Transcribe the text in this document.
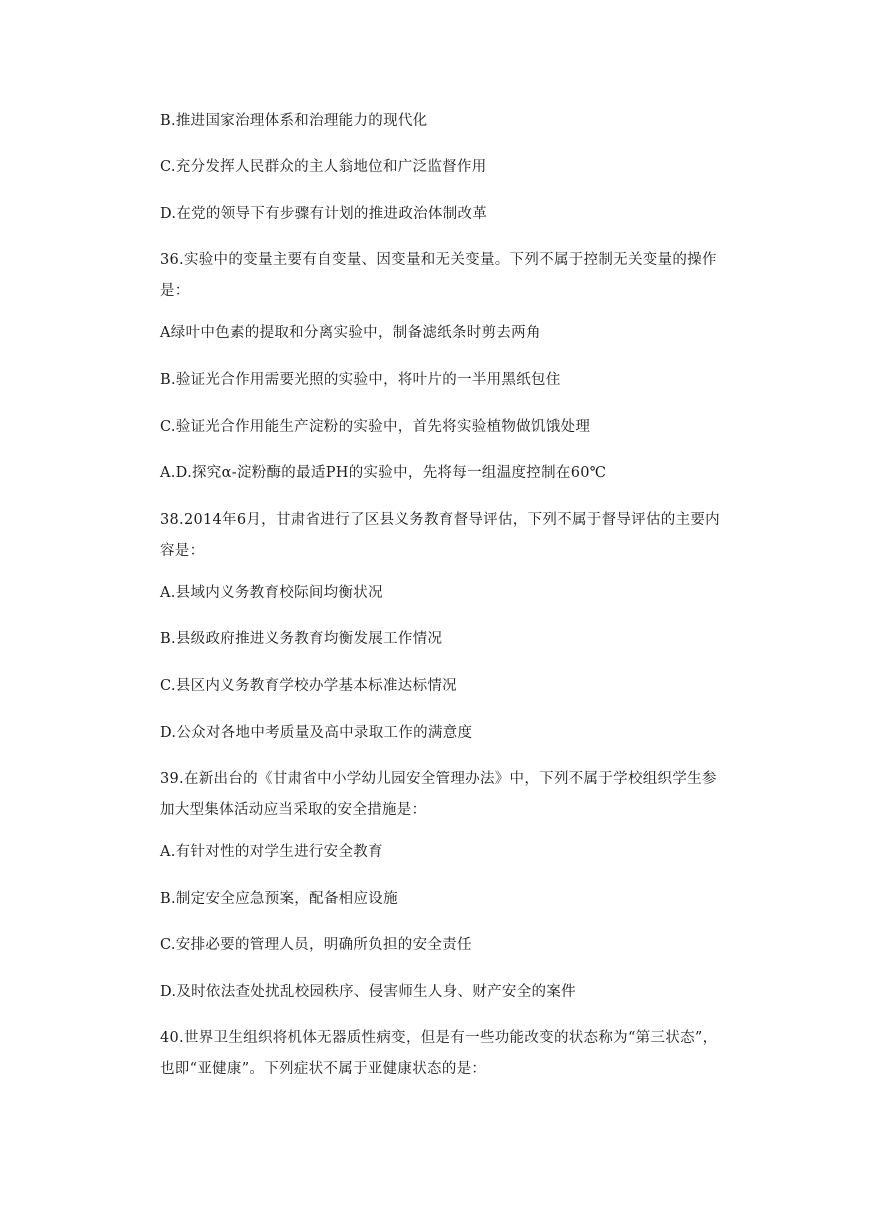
B.推进国家治理体系和治理能力的现代化
C.充分发挥人民群众的主人翁地位和广泛监督作用
D.在党的领导下有步骤有计划的推进政治体制改革
36.实验中的变量主要有自变量、因变量和无关变量。下列不属于控制无关变量的操作
是：
A绿叶中色素的提取和分离实验中，制备滤纸条时剪去两角
B.验证光合作用需要光照的实验中，将叶片的一半用黑纸包住
C.验证光合作用能生产淀粉的实验中，首先将实验植物做饥饿处理
A.D.探究α-淀粉酶的最适PH的实验中，先将每一组温度控制在60℃
38.2014年6月，甘肃省进行了区县义务教育督导评估，下列不属于督导评估的主要内
容是：
A.县域内义务教育校际间均衡状况
B.县级政府推进义务教育均衡发展工作情况
C.县区内义务教育学校办学基本标准达标情况
D.公众对各地中考质量及高中录取工作的满意度
39.在新出台的《甘肃省中小学幼儿园安全管理办法》中，下列不属于学校组织学生参
加大型集体活动应当采取的安全措施是：
A.有针对性的对学生进行安全教育
B.制定安全应急预案，配备相应设施
C.安排必要的管理人员，明确所负担的安全责任
D.及时依法查处扰乱校园秩序、侵害师生人身、财产安全的案件
40.世界卫生组织将机体无器质性病变，但是有一些功能改变的状态称为“第三状态”，
也即“亚健康”。下列症状不属于亚健康状态的是：
